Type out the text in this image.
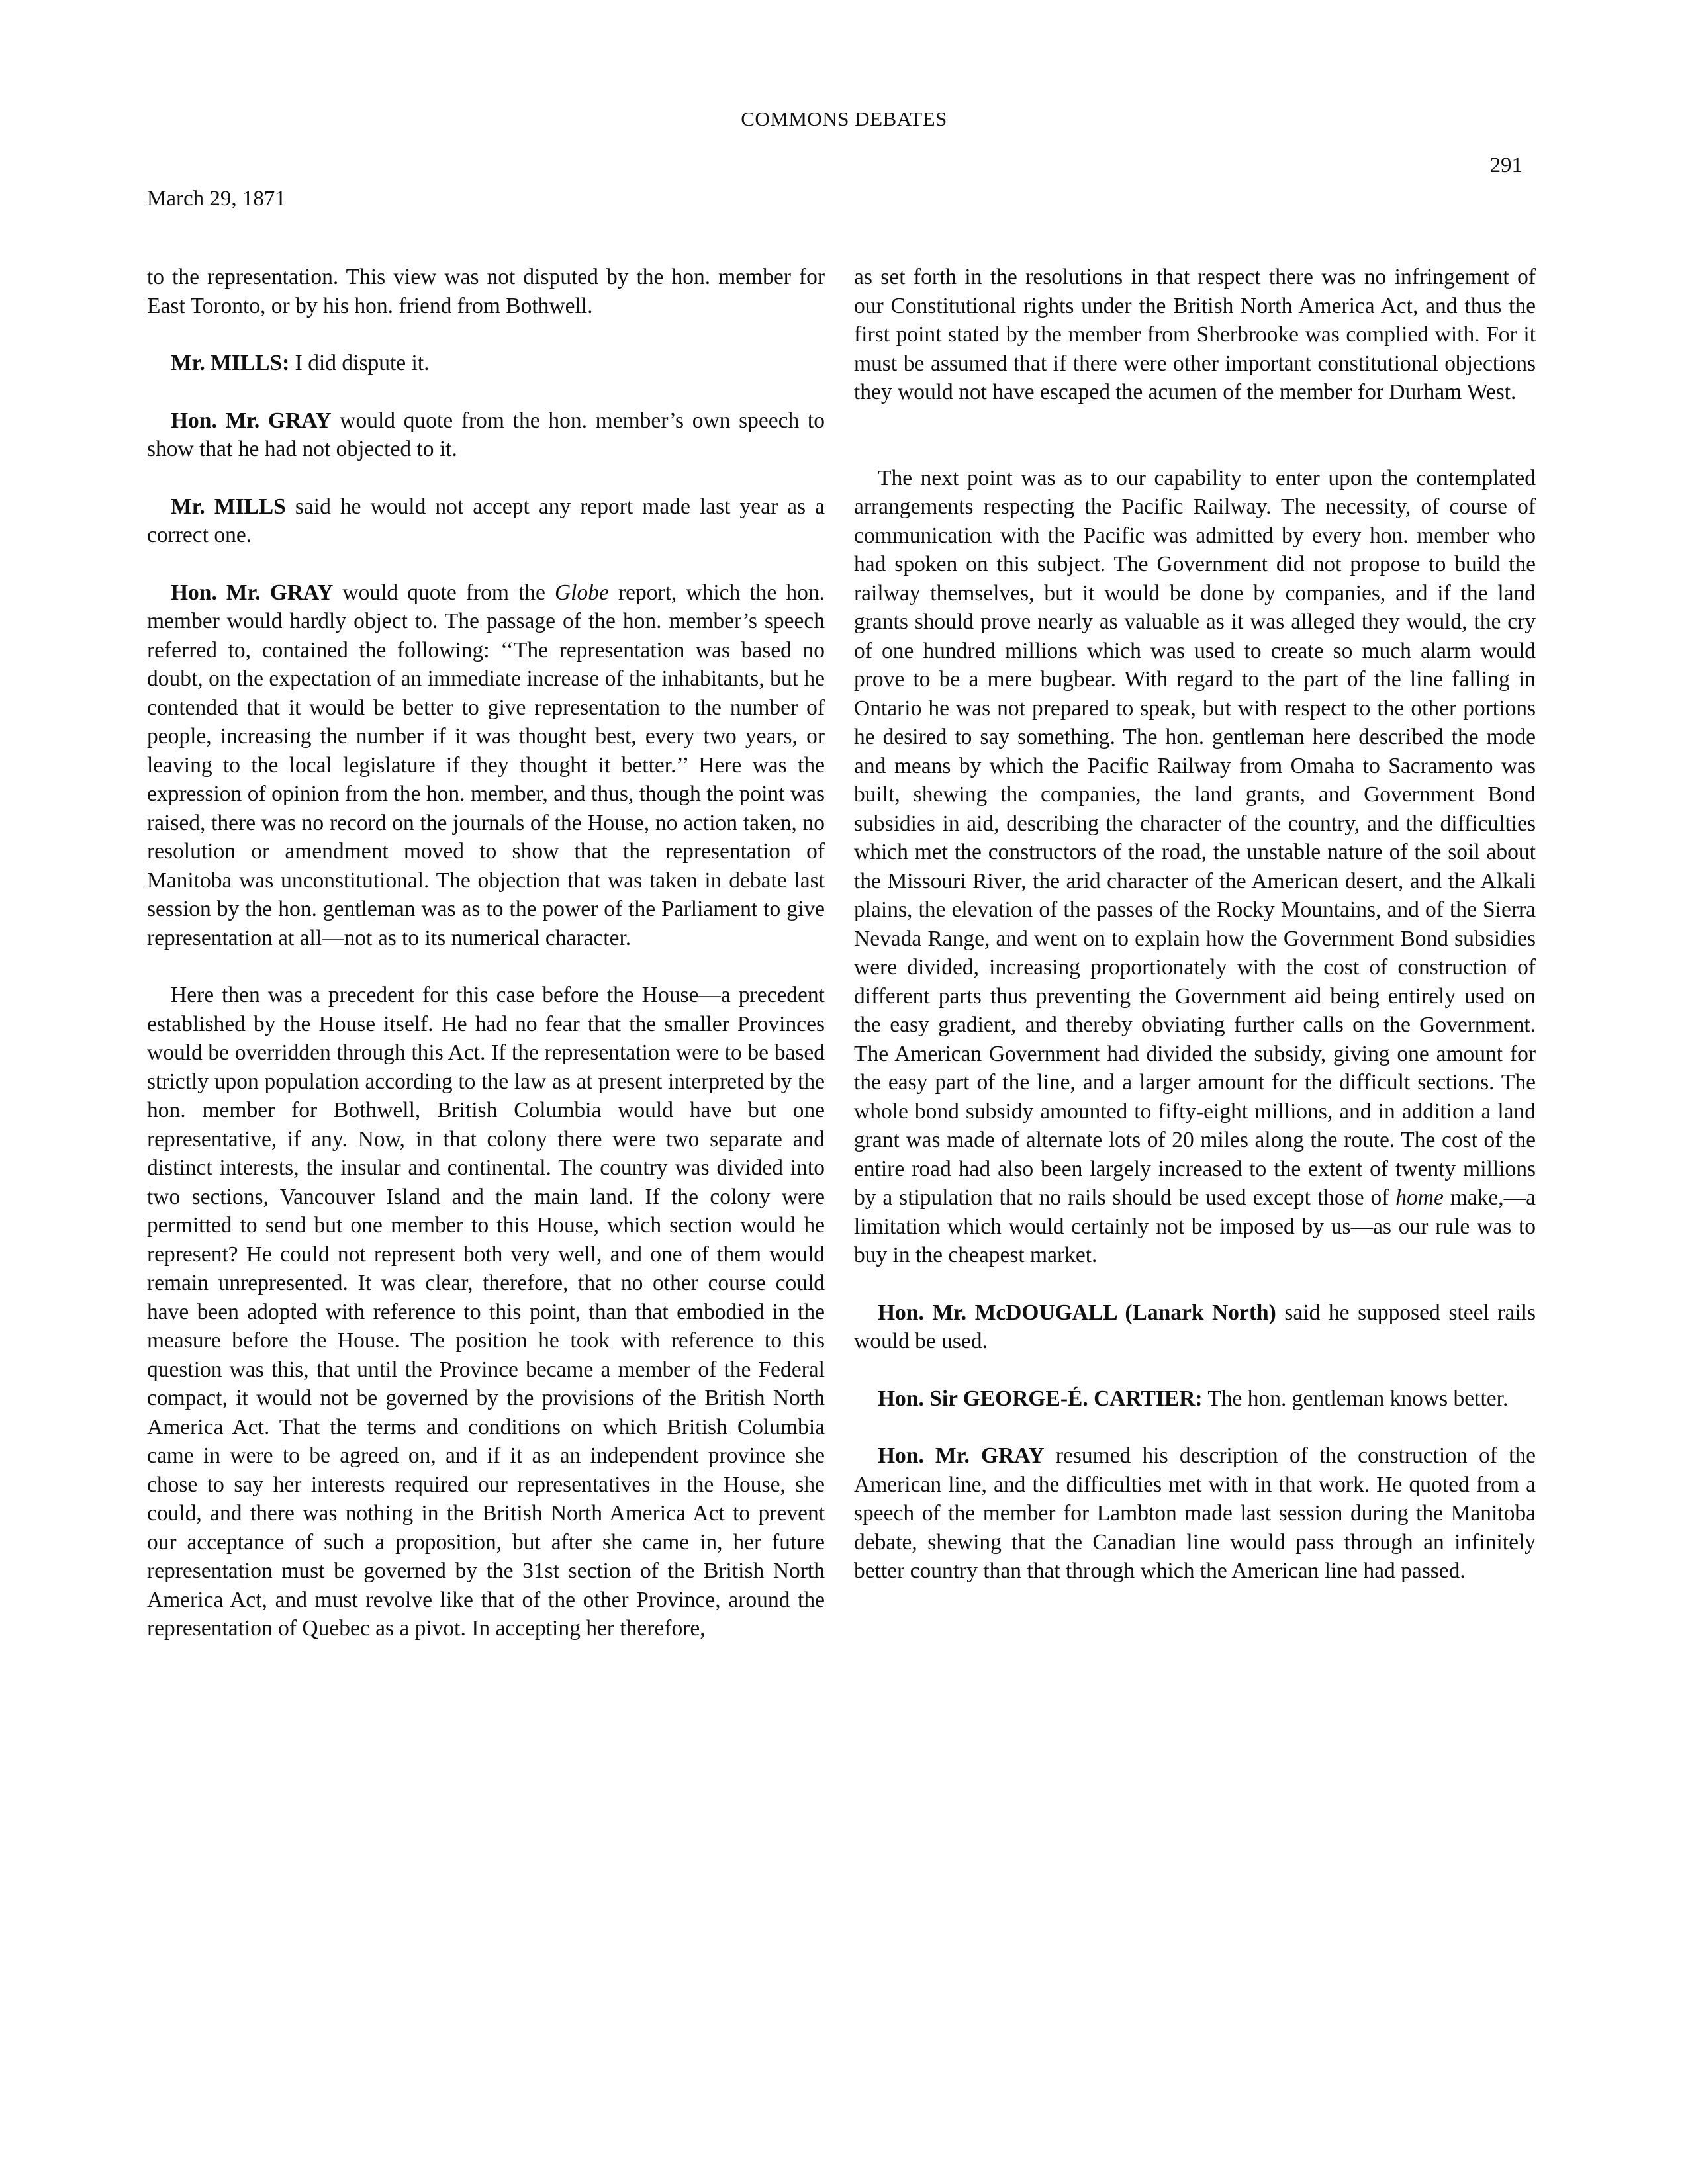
COMMONS DEBATES
291
March 29, 1871

to the representation. This view was not disputed by the hon. member for East Toronto, or by his hon. friend from Bothwell.

Mr. MILLS: I did dispute it.

Hon. Mr. GRAY would quote from the hon. member’s own speech to show that he had not objected to it.

Mr. MILLS said he would not accept any report made last year as a correct one.

Hon. Mr. GRAY would quote from the Globe report, which the hon. member would hardly object to. The passage of the hon. member’s speech referred to, contained the following: ‘‘The representation was based no doubt, on the expectation of an immediate increase of the inhabitants, but he contended that it would be better to give representation to the number of people, increasing the number if it was thought best, every two years, or leaving to the local legislature if they thought it better.’’ Here was the expression of opinion from the hon. member, and thus, though the point was raised, there was no record on the journals of the House, no action taken, no resolution or amendment moved to show that the representation of Manitoba was unconstitutional. The objection that was taken in debate last session by the hon. gentleman was as to the power of the Parliament to give representation at all—not as to its numerical character.

Here then was a precedent for this case before the House—a precedent established by the House itself. He had no fear that the smaller Provinces would be overridden through this Act. If the representation were to be based strictly upon population according to the law as at present interpreted by the hon. member for Bothwell, British Columbia would have but one representative, if any. Now, in that colony there were two separate and distinct interests, the insular and continental. The country was divided into two sections, Vancouver Island and the main land. If the colony were permitted to send but one member to this House, which section would he represent? He could not represent both very well, and one of them would remain unrepresented. It was clear, therefore, that no other course could have been adopted with reference to this point, than that embodied in the measure before the House. The position he took with reference to this question was this, that until the Province became a member of the Federal compact, it would not be governed by the provisions of the British North America Act. That the terms and conditions on which British Columbia came in were to be agreed on, and if it as an independent province she chose to say her interests required our representatives in the House, she could, and there was nothing in the British North America Act to prevent our acceptance of such a proposition, but after she came in, her future representation must be governed by the 31st section of the British North America Act, and must revolve like that of the other Province, around the representation of Quebec as a pivot. In accepting her therefore,

as set forth in the resolutions in that respect there was no infringement of our Constitutional rights under the British North America Act, and thus the first point stated by the member from Sherbrooke was complied with. For it must be assumed that if there were other important constitutional objections they would not have escaped the acumen of the member for Durham West.

The next point was as to our capability to enter upon the contemplated arrangements respecting the Pacific Railway. The necessity, of course of communication with the Pacific was admitted by every hon. member who had spoken on this subject. The Government did not propose to build the railway themselves, but it would be done by companies, and if the land grants should prove nearly as valuable as it was alleged they would, the cry of one hundred millions which was used to create so much alarm would prove to be a mere bugbear. With regard to the part of the line falling in Ontario he was not prepared to speak, but with respect to the other portions he desired to say something. The hon. gentleman here described the mode and means by which the Pacific Railway from Omaha to Sacramento was built, shewing the companies, the land grants, and Government Bond subsidies in aid, describing the character of the country, and the difficulties which met the constructors of the road, the unstable nature of the soil about the Missouri River, the arid character of the American desert, and the Alkali plains, the elevation of the passes of the Rocky Mountains, and of the Sierra Nevada Range, and went on to explain how the Government Bond subsidies were divided, increasing proportionately with the cost of construction of different parts thus preventing the Government aid being entirely used on the easy gradient, and thereby obviating further calls on the Government. The American Government had divided the subsidy, giving one amount for the easy part of the line, and a larger amount for the difficult sections. The whole bond subsidy amounted to fifty-eight millions, and in addition a land grant was made of alternate lots of 20 miles along the route. The cost of the entire road had also been largely increased to the extent of twenty millions by a stipulation that no rails should be used except those of home make,—a limitation which would certainly not be imposed by us—as our rule was to buy in the cheapest market.

Hon. Mr. McDOUGALL (Lanark North) said he supposed steel rails would be used.

Hon. Sir GEORGE-É. CARTIER: The hon. gentleman knows better.

Hon. Mr. GRAY resumed his description of the construction of the American line, and the difficulties met with in that work. He quoted from a speech of the member for Lambton made last session during the Manitoba debate, shewing that the Canadian line would pass through an infinitely better country than that through which the American line had passed.
